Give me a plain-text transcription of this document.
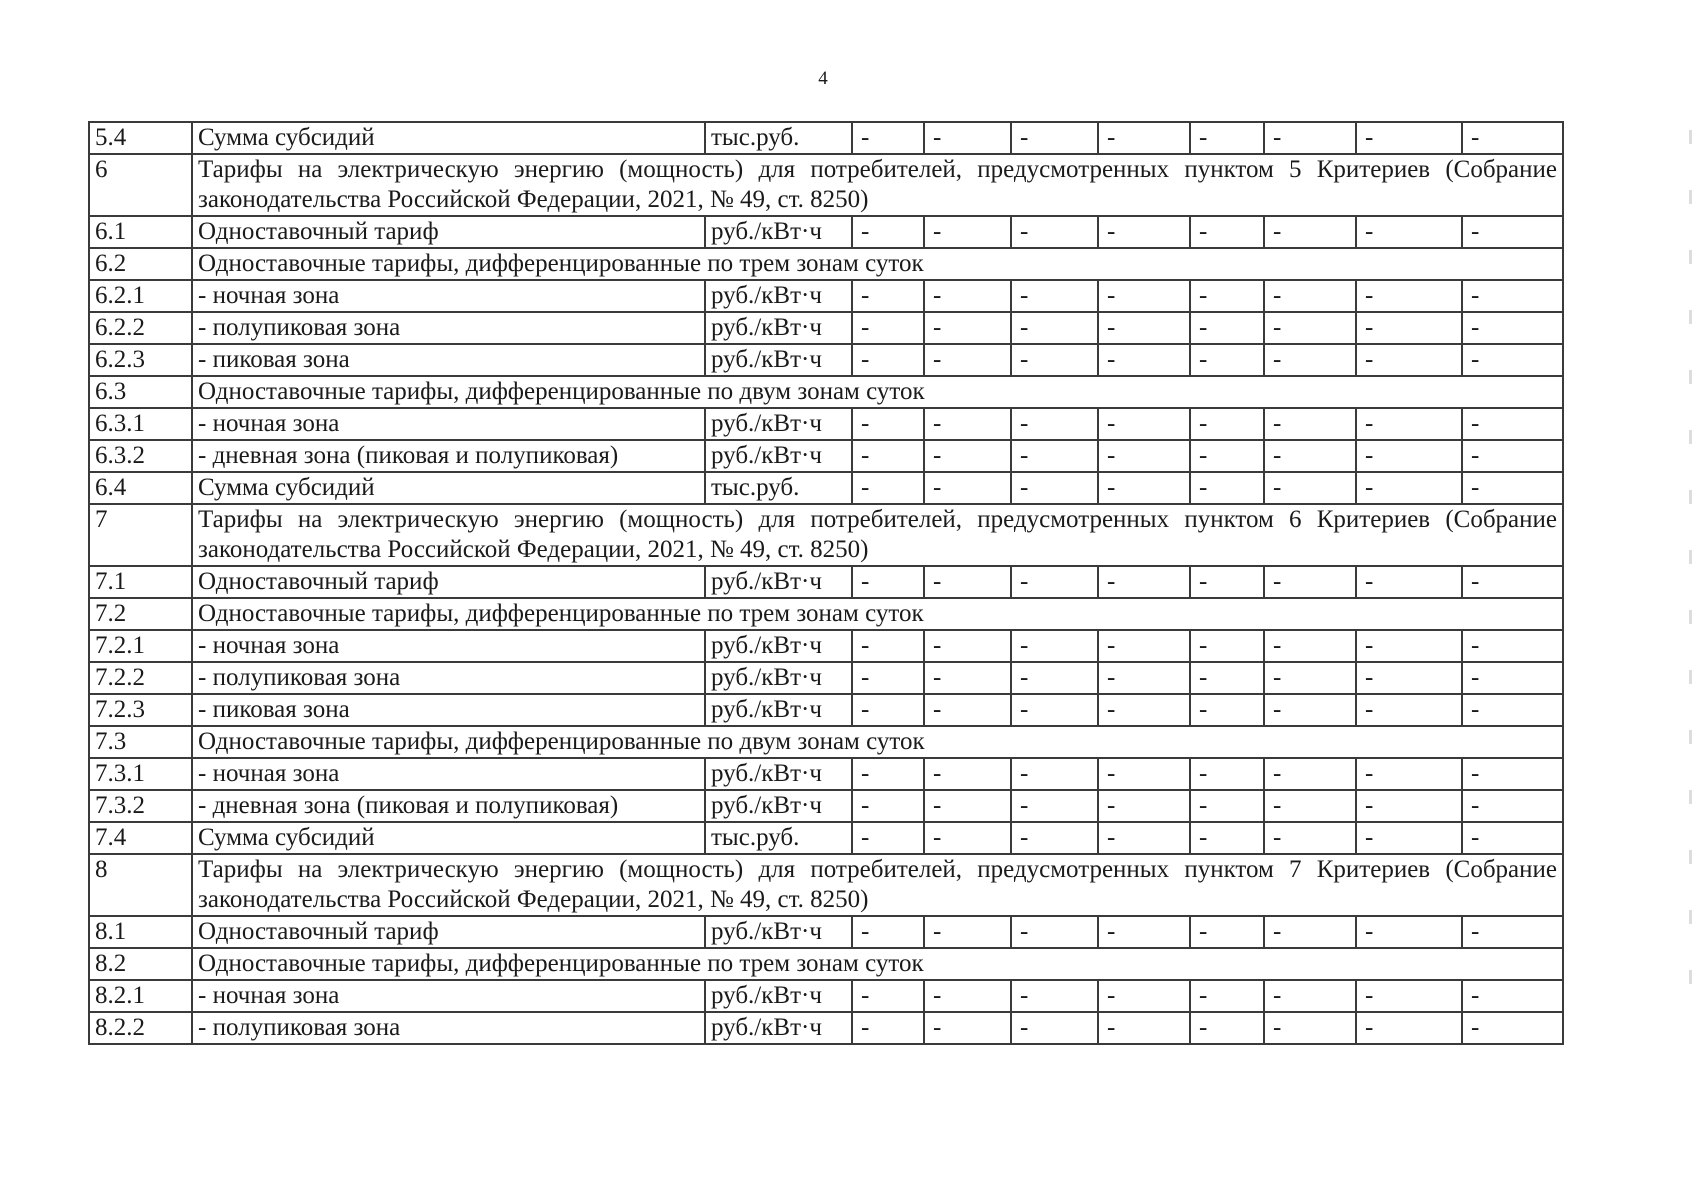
4
5.4	Сумма субсидий	тыс.руб.	-	-	-	-	-	-	-	-
6	Тарифы на электрическую энергию (мощность) для потребителей, предусмотренных пунктом 5 Критериев (Собрание законодательства Российской Федерации, 2021, № 49, ст. 8250)									
6.1	Одноставочный тариф	руб./кВт·ч	-	-	-	-	-	-	-	-
6.2	Одноставочные тарифы, дифференцированные по трем зонам суток									
6.2.1	- ночная зона	руб./кВт·ч	-	-	-	-	-	-	-	-
6.2.2	- полупиковая зона	руб./кВт·ч	-	-	-	-	-	-	-	-
6.2.3	- пиковая зона	руб./кВт·ч	-	-	-	-	-	-	-	-
6.3	Одноставочные тарифы, дифференцированные по двум зонам суток									
6.3.1	- ночная зона	руб./кВт·ч	-	-	-	-	-	-	-	-
6.3.2	- дневная зона (пиковая и полупиковая)	руб./кВт·ч	-	-	-	-	-	-	-	-
6.4	Сумма субсидий	тыс.руб.	-	-	-	-	-	-	-	-
7	Тарифы на электрическую энергию (мощность) для потребителей, предусмотренных пунктом 6 Критериев (Собрание законодательства Российской Федерации, 2021, № 49, ст. 8250)									
7.1	Одноставочный тариф	руб./кВт·ч	-	-	-	-	-	-	-	-
7.2	Одноставочные тарифы, дифференцированные по трем зонам суток									
7.2.1	- ночная зона	руб./кВт·ч	-	-	-	-	-	-	-	-
7.2.2	- полупиковая зона	руб./кВт·ч	-	-	-	-	-	-	-	-
7.2.3	- пиковая зона	руб./кВт·ч	-	-	-	-	-	-	-	-
7.3	Одноставочные тарифы, дифференцированные по двум зонам суток									
7.3.1	- ночная зона	руб./кВт·ч	-	-	-	-	-	-	-	-
7.3.2	- дневная зона (пиковая и полупиковая)	руб./кВт·ч	-	-	-	-	-	-	-	-
7.4	Сумма субсидий	тыс.руб.	-	-	-	-	-	-	-	-
8	Тарифы на электрическую энергию (мощность) для потребителей, предусмотренных пунктом 7 Критериев (Собрание законодательства Российской Федерации, 2021, № 49, ст. 8250)									
8.1	Одноставочный тариф	руб./кВт·ч	-	-	-	-	-	-	-	-
8.2	Одноставочные тарифы, дифференцированные по трем зонам суток									
8.2.1	- ночная зона	руб./кВт·ч	-	-	-	-	-	-	-	-
8.2.2	- полупиковая зона	руб./кВт·ч	-	-	-	-	-	-	-	-
